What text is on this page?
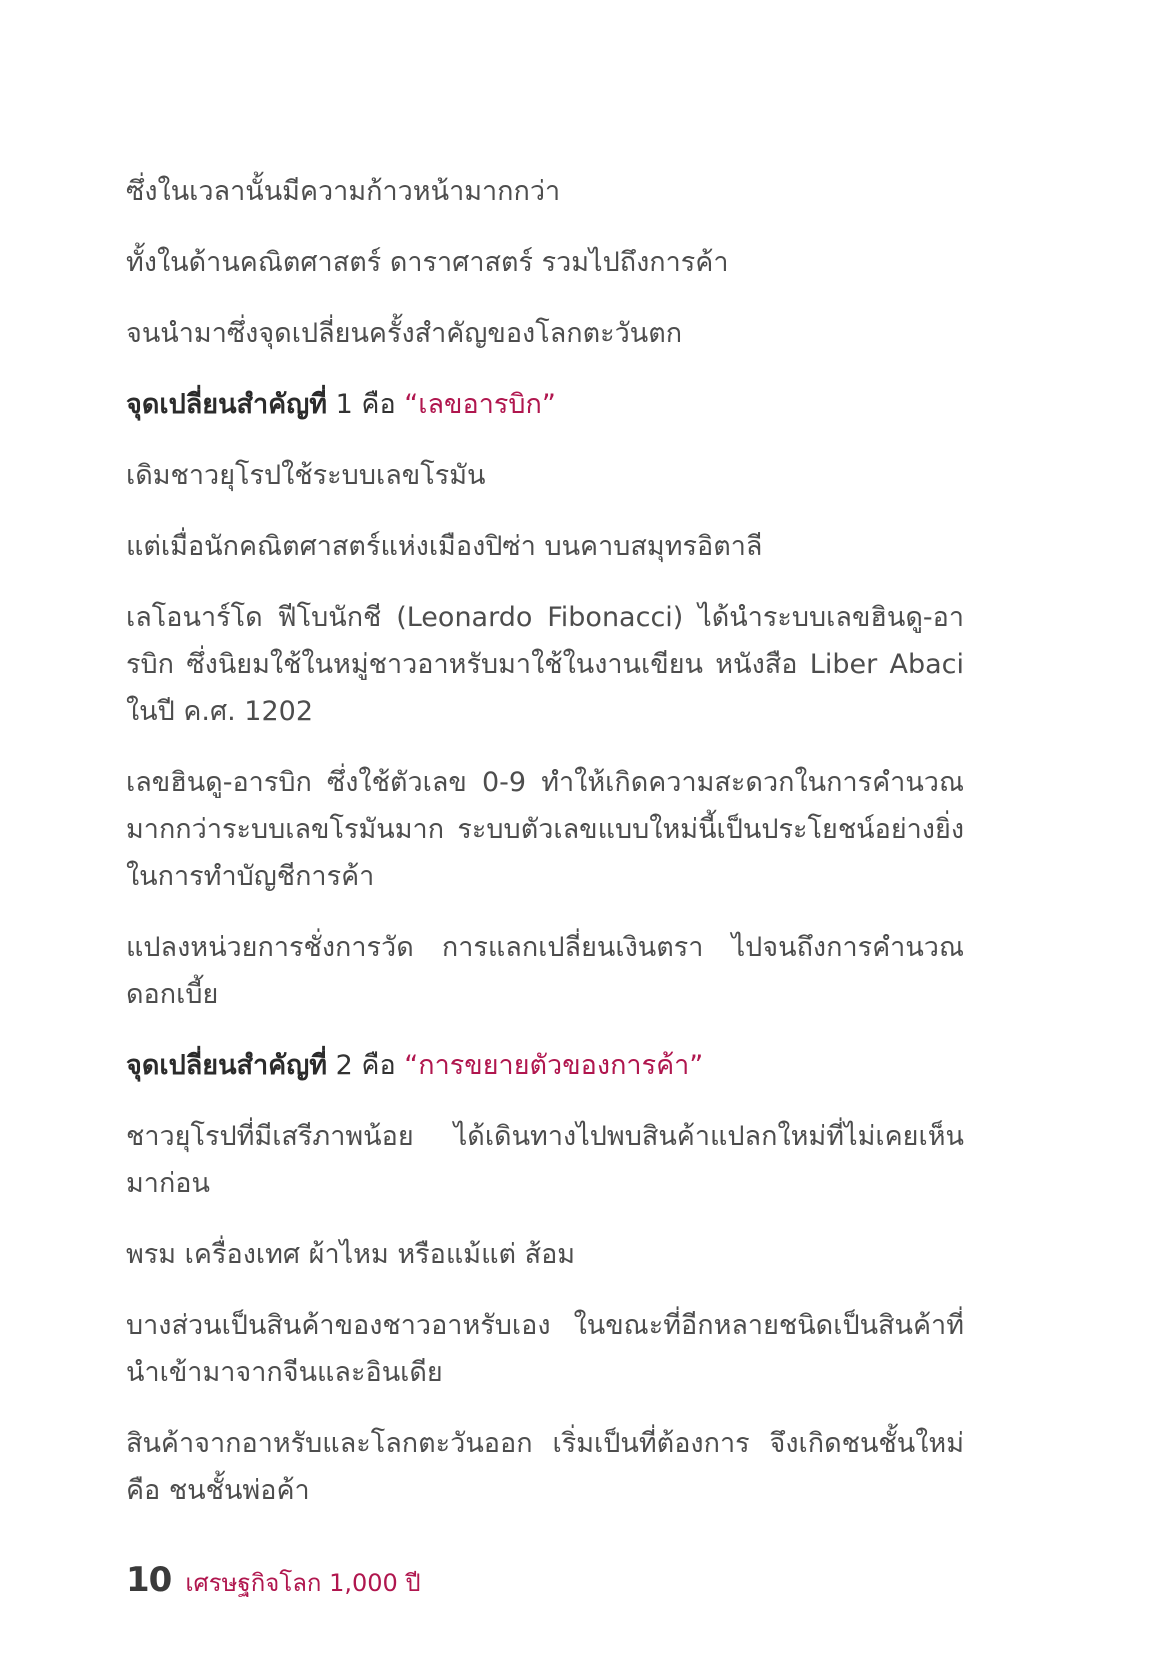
ซึ่งในเวลานั้นมีความก้าวหน้ามากกว่า

ทั้งในด้านคณิตศาสตร์ ดาราศาสตร์ รวมไปถึงการค้า

จนนำมาซึ่งจุดเปลี่ยนครั้งสำคัญของโลกตะวันตก

จุดเปลี่ยนสำคัญที่ 1 คือ “เลขอารบิก”

เดิมชาวยุโรปใช้ระบบเลขโรมัน

แต่เมื่อนักคณิตศาสตร์แห่งเมืองปิซ่า บนคาบสมุทรอิตาลี

เลโอนาร์โด ฟีโบนักชี (Leonardo Fibonacci) ได้นำระบบเลขฮินดู-อารบิก ซึ่งนิยมใช้ในหมู่ชาวอาหรับมาใช้ในงานเขียน หนังสือ Liber Abaci ในปี ค.ศ. 1202

เลขฮินดู-อารบิก ซึ่งใช้ตัวเลข 0-9 ทำให้เกิดความสะดวกในการคำนวณ มากกว่าระบบเลขโรมันมาก ระบบตัวเลขแบบใหม่นี้เป็นประโยชน์อย่างยิ่ง ในการทำบัญชีการค้า

แปลงหน่วยการชั่งการวัด การแลกเปลี่ยนเงินตรา ไปจนถึงการคำนวณดอกเบี้ย

จุดเปลี่ยนสำคัญที่ 2 คือ “การขยายตัวของการค้า”

ชาวยุโรปที่มีเสรีภาพน้อย ได้เดินทางไปพบสินค้าแปลกใหม่ที่ไม่เคยเห็น มาก่อน

พรม เครื่องเทศ ผ้าไหม หรือแม้แต่ ส้อม

บางส่วนเป็นสินค้าของชาวอาหรับเอง ในขณะที่อีกหลายชนิดเป็นสินค้าที่ นำเข้ามาจากจีนและอินเดีย

สินค้าจากอาหรับและโลกตะวันออก เริ่มเป็นที่ต้องการ จึงเกิดชนชั้นใหม่ คือ ชนชั้นพ่อค้า

10 เศรษฐกิจโลก 1,000 ปี
